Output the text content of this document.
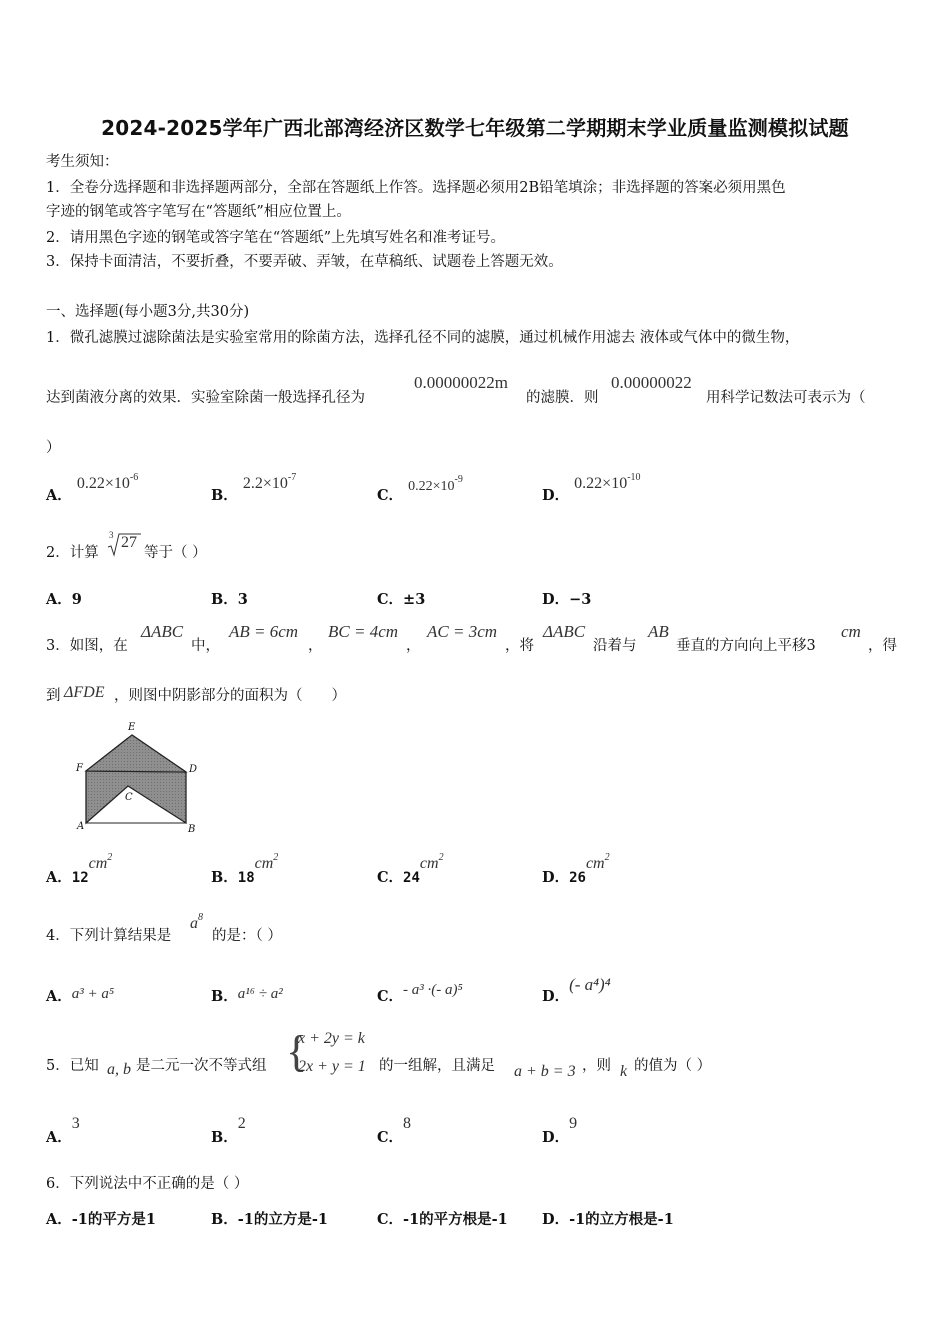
2024-2025学年广西北部湾经济区数学七年级第二学期期末学业质量监测模拟试题
考生须知：
1．全卷分选择题和非选择题两部分，全部在答题纸上作答。选择题必须用2B铅笔填涂；非选择题的答案必须用黑色
字迹的钢笔或答字笔写在“答题纸”相应位置上。
2．请用黑色字迹的钢笔或答字笔在“答题纸”上先填写姓名和准考证号。
3．保持卡面清洁，不要折叠，不要弄破、弄皱，在草稿纸、试题卷上答题无效。
一、选择题(每小题3分,共30分)
1．微孔滤膜过滤除菌法是实验室常用的除菌方法，选择孔径不同的滤膜，通过机械作用滤去 液体或气体中的微生物，
达到菌液分离的效果．实验室除菌一般选择孔径为
0.00000022m
的滤膜．则
0.00000022
用科学记数法可表示为（
）
A． $0.22\times 10^{-6}$
B． $2.2\times 10^{-7}$
C． $0.22\times 10^{-9}$
D． $0.22\times 10^{-10}$
2．计算
3 27
等于（ ）
A．9	B．3	C．±3	D．−3
3．如图，在
ΔABC
中，
AB = 6cm
，
BC = 4cm
，
AC = 3cm
，将
ΔABC
沿着与
AB
垂直的方向向上平移3
cm
，得
到 ΔFDE ，则图中阴影部分的面积为（　　）
E
F	D
C
A	B
A．$12cm^2$
B．$18cm^2$
C．$24cm^2$
D．$26cm^2$
4．下列计算结果是
$a^8$
的是：（ ）
A．a³ + a⁵	B．a¹⁶ ÷ a²	C．- a³ ·(- a)⁵	D．(- a⁴)⁴
5．已知 a, b 是二元一次不等式组 {
x + 2y = k
2x + y = 1 的一组解，且满足 a + b = 3 ，则 k 的值为（ ）
A．3
B．2
C．8
D．9
6．下列说法中不正确的是（ ）
A．-1的平方是1	B．-1的立方是-1	C．-1的平方根是-1 D．-1的立方根是-1
